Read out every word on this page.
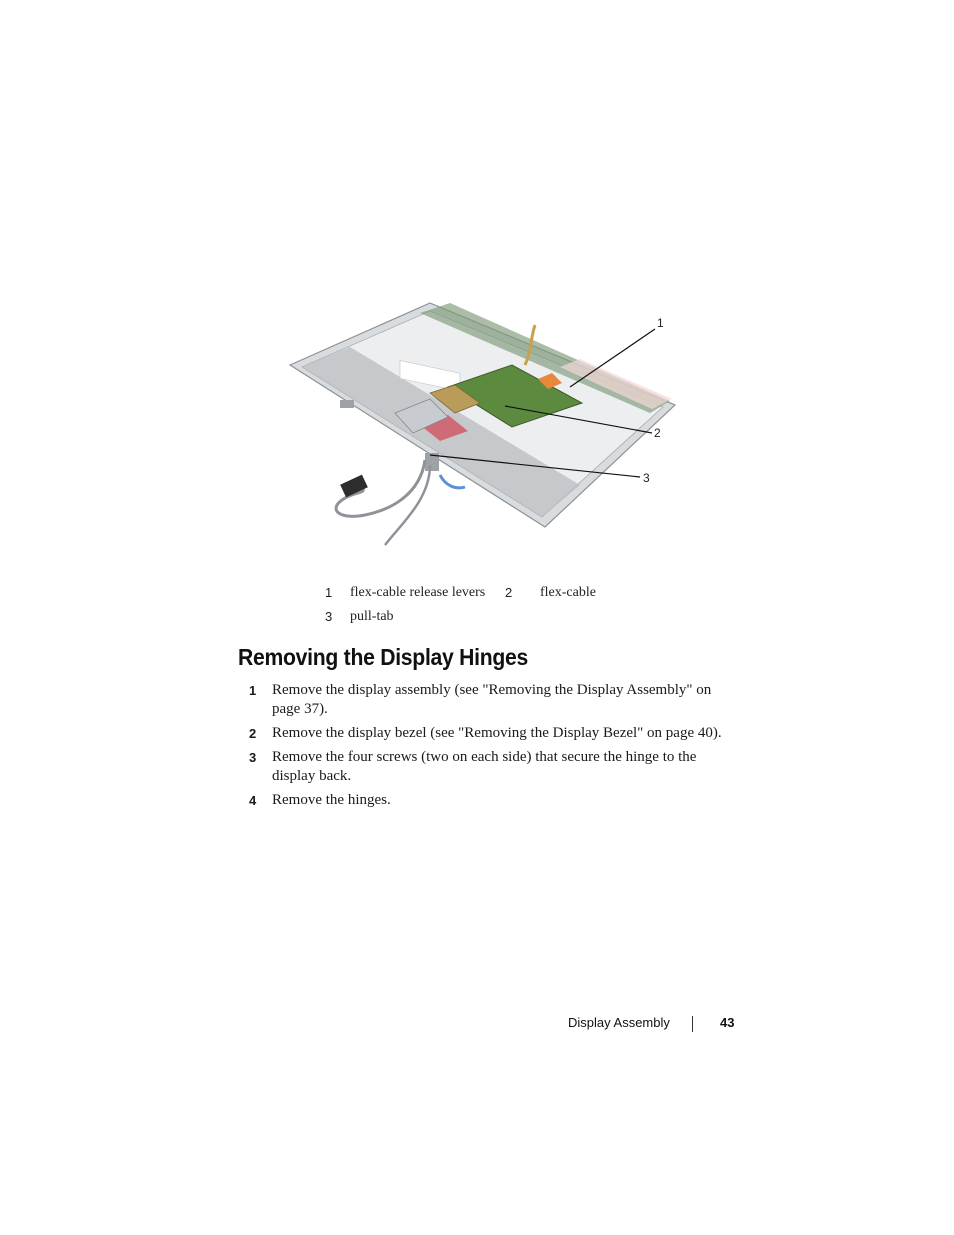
1
2
3
1 flex-cable release levers 2 flex-cable
3 pull-tab
Removing the Display Hinges
1 Remove the display assembly (see "Removing the Display Assembly" on page 37).
2 Remove the display bezel (see "Removing the Display Bezel" on page 40).
3 Remove the four screws (two on each side) that secure the hinge to the display back.
4 Remove the hinges.
Display Assembly	43
